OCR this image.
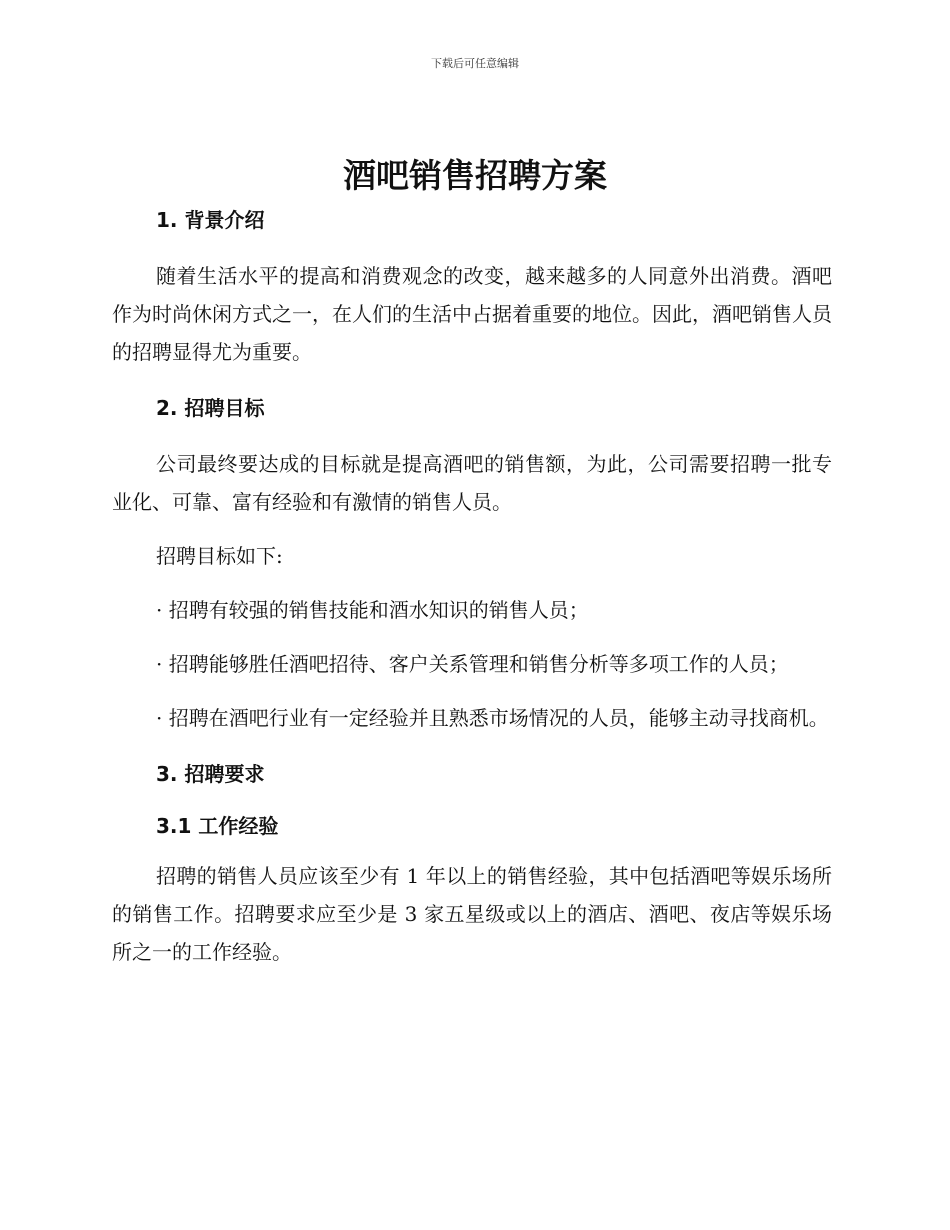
下载后可任意编辑
酒吧销售招聘方案
1. 背景介绍

随着生活水平的提高和消费观念的改变，越来越多的人同意外出消费。酒吧作为时尚休闲方式之一，在人们的生活中占据着重要的地位。因此，酒吧销售人员的招聘显得尤为重要。

2. 招聘目标

公司最终要达成的目标就是提高酒吧的销售额，为此，公司需要招聘一批专业化、可靠、富有经验和有激情的销售人员。

招聘目标如下:

· 招聘有较强的销售技能和酒水知识的销售人员；

· 招聘能够胜任酒吧招待、客户关系管理和销售分析等多项工作的人员；

· 招聘在酒吧行业有一定经验并且熟悉市场情况的人员，能够主动寻找商机。

3. 招聘要求
3.1 工作经验

招聘的销售人员应该至少有 1 年以上的销售经验，其中包括酒吧等娱乐场所的销售工作。招聘要求应至少是 3 家五星级或以上的酒店、酒吧、夜店等娱乐场所之一的工作经验。
